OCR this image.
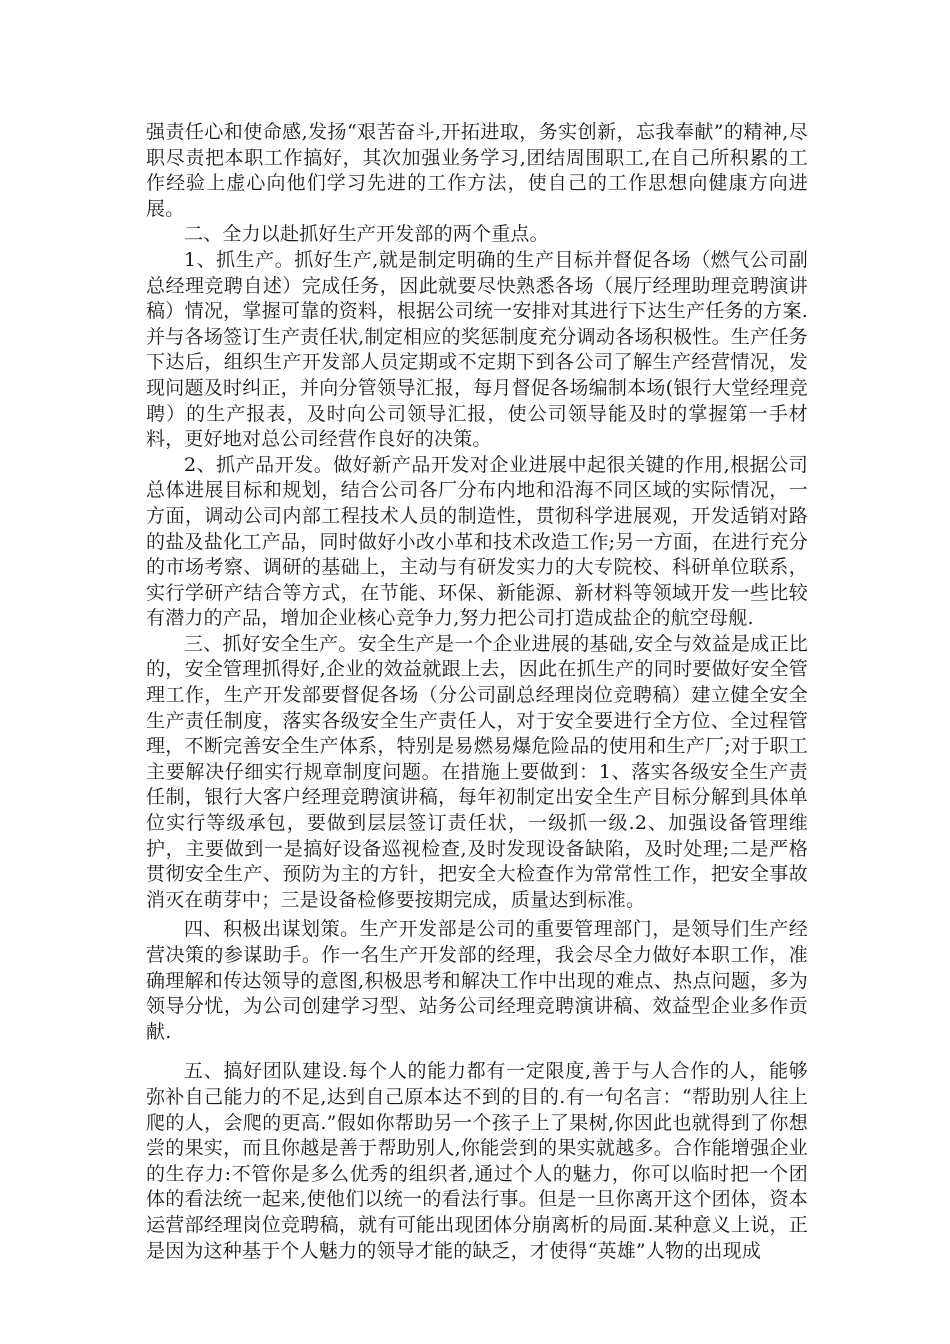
强责任心和使命感,发扬“艰苦奋斗,开拓进取，务实创新，忘我奉献”的精神,尽职尽责把本职工作搞好，其次加强业务学习,团结周围职工,在自己所积累的工作经验上虚心向他们学习先进的工作方法，使自己的工作思想向健康方向进展。

二、全力以赴抓好生产开发部的两个重点。

1、抓生产。抓好生产,就是制定明确的生产目标并督促各场（燃气公司副总经理竞聘自述）完成任务，因此就要尽快熟悉各场（展厅经理助理竞聘演讲稿）情况，掌握可靠的资料，根据公司统一安排对其进行下达生产任务的方案.并与各场签订生产责任状,制定相应的奖惩制度充分调动各场积极性。生产任务下达后，组织生产开发部人员定期或不定期下到各公司了解生产经营情况，发现问题及时纠正，并向分管领导汇报，每月督促各场编制本场(银行大堂经理竞聘）的生产报表，及时向公司领导汇报，使公司领导能及时的掌握第一手材料，更好地对总公司经营作良好的决策。

2、抓产品开发。做好新产品开发对企业进展中起很关键的作用,根据公司总体进展目标和规划，结合公司各厂分布内地和沿海不同区域的实际情况，一方面，调动公司内部工程技术人员的制造性，贯彻科学进展观，开发适销对路的盐及盐化工产品，同时做好小改小革和技术改造工作;另一方面，在进行充分的市场考察、调研的基础上，主动与有研发实力的大专院校、科研单位联系，实行学研产结合等方式，在节能、环保、新能源、新材料等领域开发一些比较有潜力的产品，增加企业核心竞争力,努力把公司打造成盐企的航空母舰.

三、抓好安全生产。安全生产是一个企业进展的基础,安全与效益是成正比的，安全管理抓得好,企业的效益就跟上去，因此在抓生产的同时要做好安全管理工作，生产开发部要督促各场（分公司副总经理岗位竞聘稿）建立健全安全生产责任制度，落实各级安全生产责任人，对于安全要进行全方位、全过程管理，不断完善安全生产体系，特别是易燃易爆危险品的使用和生产厂;对于职工主要解决仔细实行规章制度问题。在措施上要做到：1、落实各级安全生产责任制，银行大客户经理竞聘演讲稿，每年初制定出安全生产目标分解到具体单位实行等级承包，要做到层层签订责任状，一级抓一级.2、加强设备管理维护，主要做到一是搞好设备巡视检查,及时发现设备缺陷，及时处理;二是严格贯彻安全生产、预防为主的方针，把安全大检查作为常常性工作，把安全事故消灭在萌芽中；三是设备检修要按期完成，质量达到标准。

四、积极出谋划策。生产开发部是公司的重要管理部门，是领导们生产经营决策的参谋助手。作一名生产开发部的经理，我会尽全力做好本职工作，准确理解和传达领导的意图,积极思考和解决工作中出现的难点、热点问题，多为领导分忧，为公司创建学习型、站务公司经理竞聘演讲稿、效益型企业多作贡献.

五、搞好团队建设.每个人的能力都有一定限度,善于与人合作的人，能够弥补自己能力的不足,达到自己原本达不到的目的.有一句名言：“帮助别人往上爬的人，会爬的更高.”假如你帮助另一个孩子上了果树,你因此也就得到了你想尝的果实，而且你越是善于帮助别人,你能尝到的果实就越多。合作能增强企业的生存力:不管你是多么优秀的组织者,通过个人的魅力，你可以临时把一个团体的看法统一起来,使他们以统一的看法行事。但是一旦你离开这个团体，资本运营部经理岗位竞聘稿，就有可能出现团体分崩离析的局面.某种意义上说，正是因为这种基于个人魅力的领导才能的缺乏，才使得“英雄”人物的出现成
